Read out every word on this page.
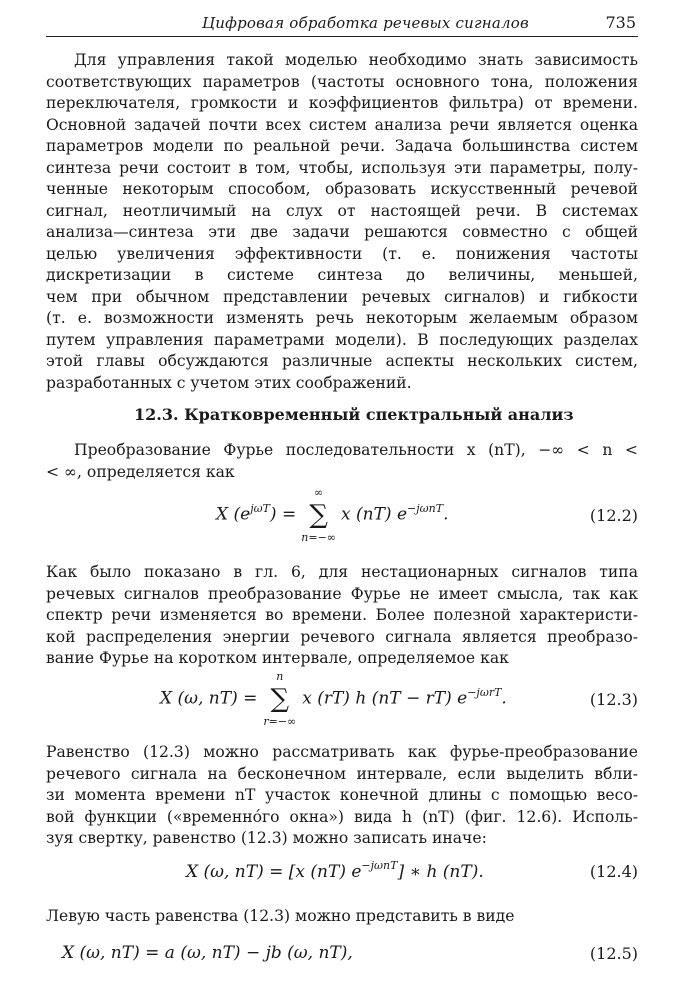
Цифровая обработка речевых сигналов	735
Для управления такой моделью необходимо знать зависимость
соответствующих параметров (частоты основного тона, положения
переключателя, громкости и коэффициентов фильтра) от времени.
Основной задачей почти всех систем анализа речи является оценка
параметров модели по реальной речи. Задача большинства систем
синтеза речи состоит в том, чтобы, используя эти параметры, полу-
ченные некоторым способом, образовать искусственный речевой
сигнал, неотличимый на слух от настоящей речи. В системах
анализа—синтеза эти две задачи решаются совместно с общей
целью увеличения эффективности (т. е. понижения частоты
дискретизации в системе синтеза до величины, меньшей,
чем при обычном представлении речевых сигналов) и гибкости
(т. е. возможности изменять речь некоторым желаемым образом
путем управления параметрами модели). В последующих разделах
этой главы обсуждаются различные аспекты нескольких систем,
разработанных с учетом этих соображений.
12.3. Кратковременный спектральный анализ
Преобразование Фурье последовательности x (nT), −∞ < n <
< ∞, определяется как
X $(e^{j\omega T})$ = ∑
∞
n=−∞
x (nT) $e^{-j\omega nT}$.	(12.2)
Как было показано в гл. 6, для нестационарных сигналов типа
речевых сигналов преобразование Фурье не имеет смысла, так как
спектр речи изменяется во времени. Более полезной характеристи-
кой распределения энергии речевого сигнала является преобразо-
вание Фурье на коротком интервале, определяемое как
X (ω, nT) = ∑
n
r=−∞
x (rT) h (nT − rT) $e^{-j\omega rT}$.	(12.3)
Равенство (12.3) можно рассматривать как фурье-преобразование
речевого сигнала на бесконечном интервале, если выделить вбли-
зи момента времени nT участок конечной длины с помощью весо-
вой функции («временно́го окна») вида h (nT) (фиг. 12.6). Исполь-
зуя свертку, равенство (12.3) можно записать иначе:
X (ω, nT) = [x (nT) $e^{-j\omega nT}$] ∗ h (nT).	(12.4)
Левую часть равенства (12.3) можно представить в виде
X (ω, nT) = a (ω, nT) − jb (ω, nT),	(12.5)
